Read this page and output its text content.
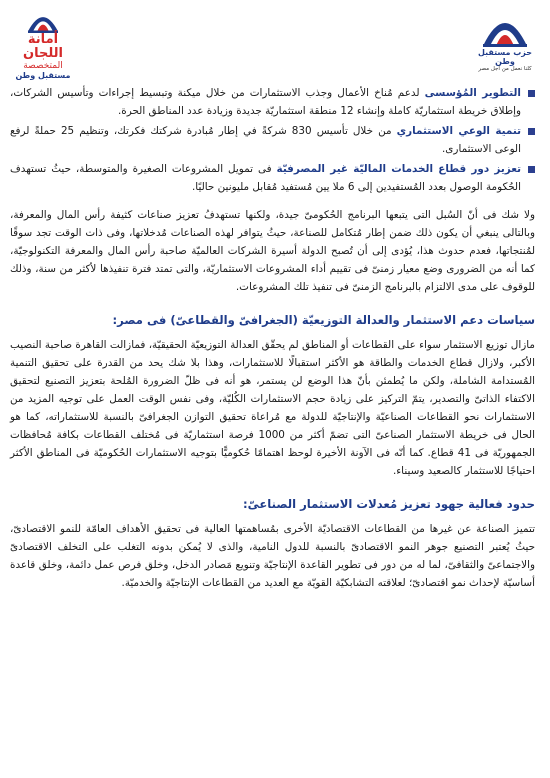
أمانة اللجان
المتخصصة
مستقبل وطن
حزب مستقبل وطن
كلنا نعمل من أجل مصر
التطوير المُؤسسى لدعم مُناخ الأعمال وجذب الاستثمارات من خلال ميكنة وتبسيط إجراءات وتأسيس الشركات، وإطلاق خريطة استثماريّة كاملة وإنشاء 12 منطقة استثماريّة جديدة وزيادة عدد المناطق الحرة.
تنمية الوعي الاستثماري من خلال تأسيس 830 شركةً في إطار مُبادرة شركتك فكرتك، وتنظيم 25 حملةً لرفع الوعى الاستثمارى.
تعزيز دور قطاع الخدمات الماليّة غير المصرفيّة فى تمويل المشروعات الصغيرة والمتوسطة، حيثُ تستهدف الحُكومة الوصول بعدد المُستفيدين إلى 6 ملا يين مُستفيد مُقابل مليونين حاليًا.

ولا شك فى أنّ السُبل التى يتبعها البرنامج الحُكومىّ جيدة، ولكنها تستهدفُ تعزيز صناعات كثيفة رأس المال والمعرفة، وبالتالى ينبغي أن يكون ذلك ضمن إطار مُتكامل للصناعة، حيثُ يتوافر لهذه الصناعات مُدخلاتها، وفى ذات الوقت تجد سوقًا لمُنتجاتها، فعدم حدوث هذا، يُؤدى إلى أن تُصبح الدولة أسيرة الشركات العالميّة صاحبة رأس المال والمعرفة التكنولوجيّة، كما أنه من الضرورى وضع معيار زمنىّ فى تقييم أداء المشروعات الاستثماريّة، والتى تمتد فترة تنفيذها لأكثر من سنة، وذلك للوقوف على مدى الالتزام بالبرنامج الزمنىّ فى تنفيذ تلك المشروعات.

سياسات دعم الاستثمار والعدالة التوزيعيّة (الجغرافىّ والقطاعىّ) فى مصر:

مازال توزيع الاستثمار سواء على القطاعات أو المناطق لم يحقّق العدالة التوزيعيّة الحقيقيّة، فمازالت القاهرة صاحبة النصيب الأكبر، ولازال قطاع الخدمات والطاقة هو الأكثر استقبالًا للاستثمارات، وهذا بلا شك يحد من القدرة على تحقيق التنمية المُستدامة الشاملة، ولكن ما يُطمئن بأنّ هذا الوضع لن يستمر، هو أنه فى ظلّ الضرورة المُلحة بتعزيز التصنيع لتحقيق الاكتفاء الذاتىّ والتصدير، يتمّ التركيز على زيادة حجم الاستثمارات الكُليّة، وفى نفس الوقت العمل على توجيه المزيد من الاستثمارات نحو القطاعات الصناعيّة والإنتاجيّة للدولة مع مُراعاة تحقيق التوازن الجغرافىّ بالنسبة للاستثماراته، كما هو الحال فى خريطة الاستثمار الصناعىّ التى تضمّ أكثر من 1000 فرصة استثماريّة فى مُختلف القطاعات بكافة مُحافظات الجمهوريّة فى 41 قطاع. كما أنّه فى الآونة الأخيرة لوحظ اهتمامًا حُكوميًّا بتوجيه الاستثمارات الحُكوميّة فى المناطق الأكثر احتياجًا للاستثمار كالصعيد وسيناء.

حدود فعالية جهود تعزيز مُعدلات الاستثمار الصناعىّ:

تتميز الصناعة عن غيرها من القطاعات الاقتصاديّة الأخرى بمُساهمتها العالية فى تحقيق الأهداف العامّة للنمو الاقتصادىّ، حيثُ يُعتبر التصنيع جوهر النمو الاقتصادىّ بالنسبة للدول النامية، والذى لا يُمكن بدونه التغلب على التخلف الاقتصادىّ والاجتماعىّ والثقافىّ، لما له من دور فى تطوير القاعدة الإنتاجيّة وتنويع مَصادر الدخل، وخلق فرص عمل دائمة، وخلق قاعدة أساسيّة لإحداث نمو اقتصادىّ؛ لعلاقته التشابكيّة القويّة مع العديد من القطاعات الإنتاجيّة والخدميّة.
